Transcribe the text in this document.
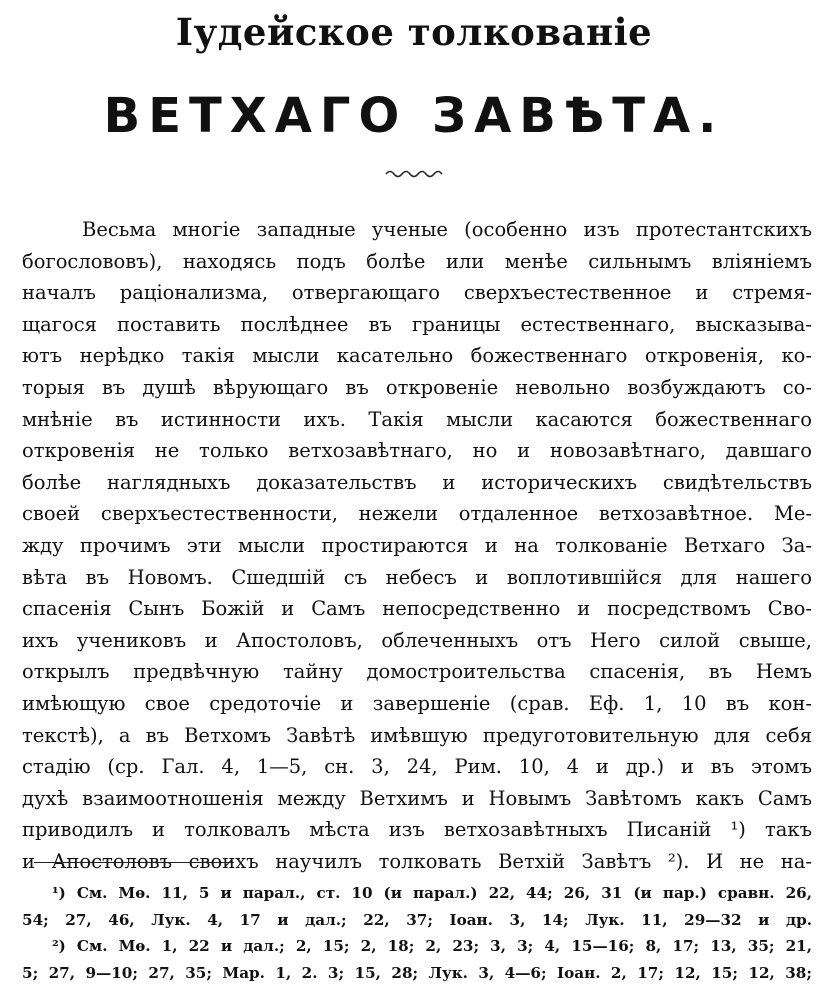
Іудейское толкованіе
ВЕТХАГО ЗАВѢТА.
Весьма многіе западные ученые (особенно изъ протестантскихъ
богослововъ), находясь подъ болѣе или менѣе сильнымъ вліяніемъ
началъ раціонализма, отвергающаго сверхъестественное и стремя-
щагося поставить послѣднее въ границы естественнаго, высказыва-
ютъ нерѣдко такія мысли касательно божественнаго откровенія, ко-
торыя въ душѣ вѣрующаго въ откровеніе невольно возбуждаютъ со-
мнѣніе въ истинности ихъ. Такія мысли касаются божественнаго
откровенія не только ветхозавѣтнаго, но и новозавѣтнаго, давшаго
болѣе наглядныхъ доказательствъ и историческихъ свидѣтельствъ
своей сверхъестественности, нежели отдаленное ветхозавѣтное. Ме-
жду прочимъ эти мысли простираются и на толкованіе Ветхаго За-
вѣта въ Новомъ. Сшедшій съ небесъ и воплотившійся для нашего
спасенія Сынъ Божій и Самъ непосредственно и посредствомъ Сво-
ихъ учениковъ и Апостоловъ, облеченныхъ отъ Него силой свыше,
открылъ предвѣчную тайну домостроительства спасенія, въ Немъ
имѣющую свое средоточіе и завершеніе (срав. Еф. 1, 10 въ кон-
текстѣ), а въ Ветхомъ Завѣтѣ имѣвшую предуготовительную для себя
стадію (ср. Гал. 4, 1—5, сн. 3, 24, Рим. 10, 4 и др.) и въ этомъ
духѣ взаимоотношенія между Ветхимъ и Новымъ Завѣтомъ какъ Самъ
приводилъ и толковалъ мѣста изъ ветхозавѣтныхъ Писаній ¹) такъ
и Апостоловъ своихъ научилъ толковать Ветхій Завѣтъ ²). И не на-
¹) См. Мѳ. 11, 5 и парал., ст. 10 (и парал.) 22, 44; 26, 31 (и пар.) сравн. 26,
54; 27, 46, Лук. 4, 17 и дал.; 22, 37; Іоан. 3, 14; Лук. 11, 29—32 и др.
²) См. Мѳ. 1, 22 и дал.; 2, 15; 2, 18; 2, 23; 3, 3; 4, 15—16; 8, 17; 13, 35; 21,
5; 27, 9—10; 27, 35; Мар. 1, 2. 3; 15, 28; Лук. 3, 4—6; Іоан. 2, 17; 12, 15; 12, 38;
